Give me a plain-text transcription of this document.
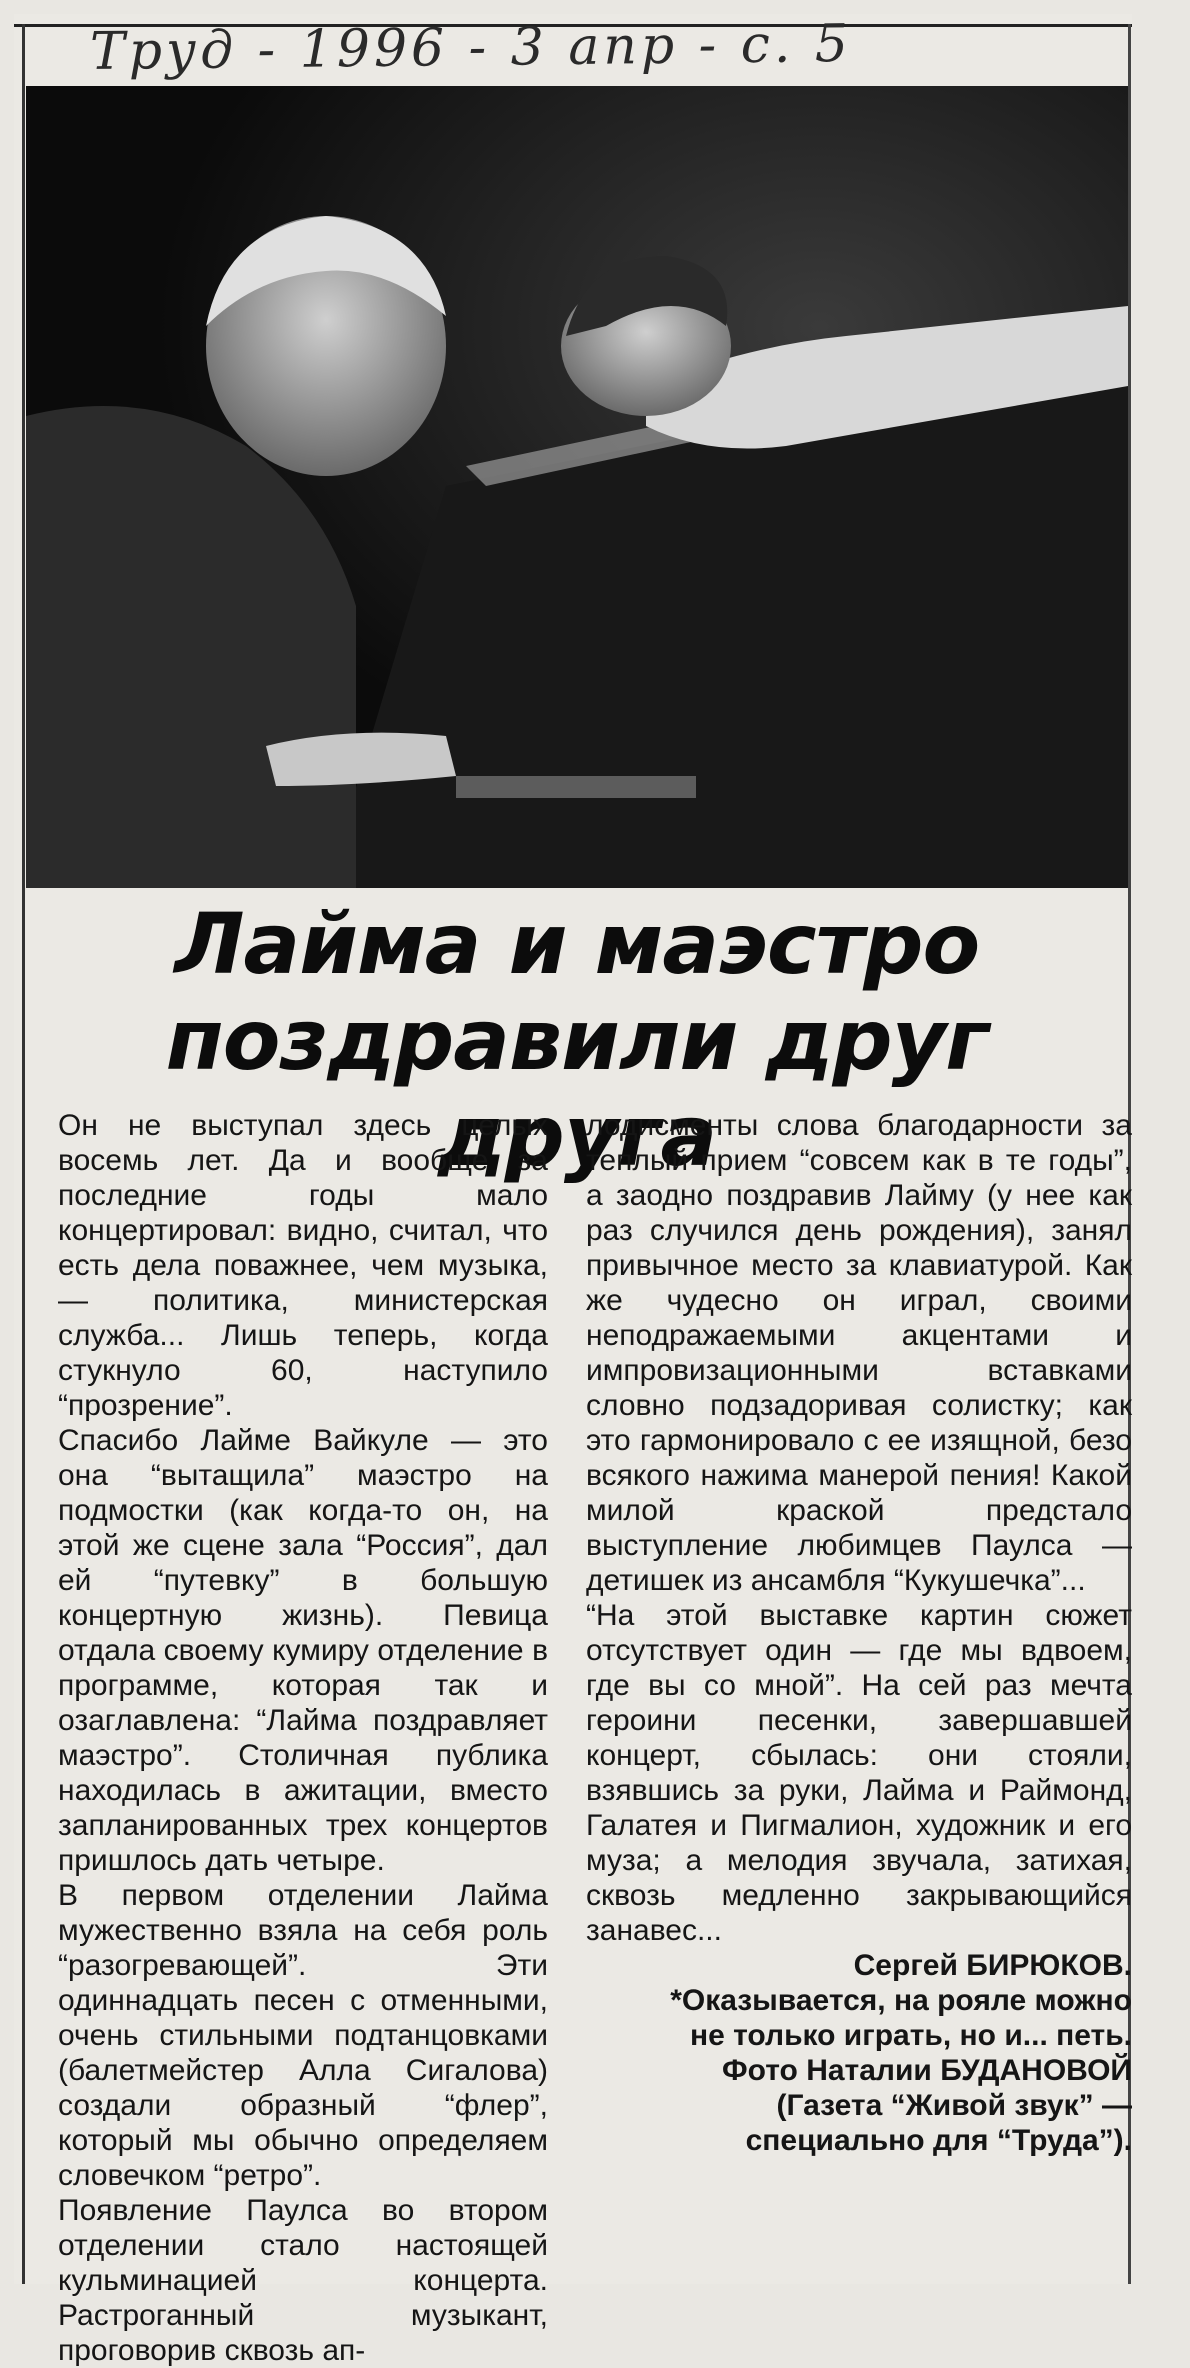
Труд - 1996 - 3 апр - с. 5
Лайма и маэстро
поздравили друг друга

Он не выступал здесь целых восемь лет. Да и вообще за последние годы мало концертировал: видно, считал, что есть дела поважнее, чем музыка, — политика, министерская служба... Лишь теперь, когда стукнуло 60, наступило “прозрение”.

Спасибо Лайме Вайкуле — это она “вытащила” маэстро на подмостки (как когда-то он, на этой же сцене зала “Россия”, дал ей “путевку” в большую концертную жизнь). Певица отдала своему кумиру отделение в программе, которая так и озаглавлена: “Лайма поздравляет маэстро”. Столичная публика находилась в ажитации, вместо запланированных трех концертов пришлось дать четыре.

В первом отделении Лайма мужественно взяла на себя роль “разогревающей”. Эти одиннадцать песен с отменными, очень стильными подтанцовками (балетмейстер Алла Сигалова) создали образный “флер”, который мы обычно определяем словечком “ретро”.

Появление Паулса во втором отделении стало настоящей кульминацией концерта. Растроганный музыкант, проговорив сквозь ап-

лодисменты слова благодарности за теплый прием “совсем как в те годы”, а заодно поздравив Лайму (у нее как раз случился день рождения), занял привычное место за клавиатурой. Как же чудесно он играл, своими неподражаемыми акцентами и импровизационными вставками словно подзадоривая солистку; как это гармонировало с ее изящной, безо всякого нажима манерой пения! Какой милой краской предстало выступление любимцев Паулса — детишек из ансамбля “Кукушечка”...

“На этой выставке картин сюжет отсутствует один — где мы вдвоем, где вы со мной”. На сей раз мечта героини песенки, завершавшей концерт, сбылась: они стояли, взявшись за руки, Лайма и Раймонд, Галатея и Пигмалион, художник и его муза; а мелодия звучала, затихая, сквозь медленно закрывающийся занавес...

Сергей БИРЮКОВ.

*Оказывается, на рояле можно
не только играть, но и... петь.
Фото Наталии БУДАНОВОЙ
(Газета “Живой звук” —
специально для “Труда”).
